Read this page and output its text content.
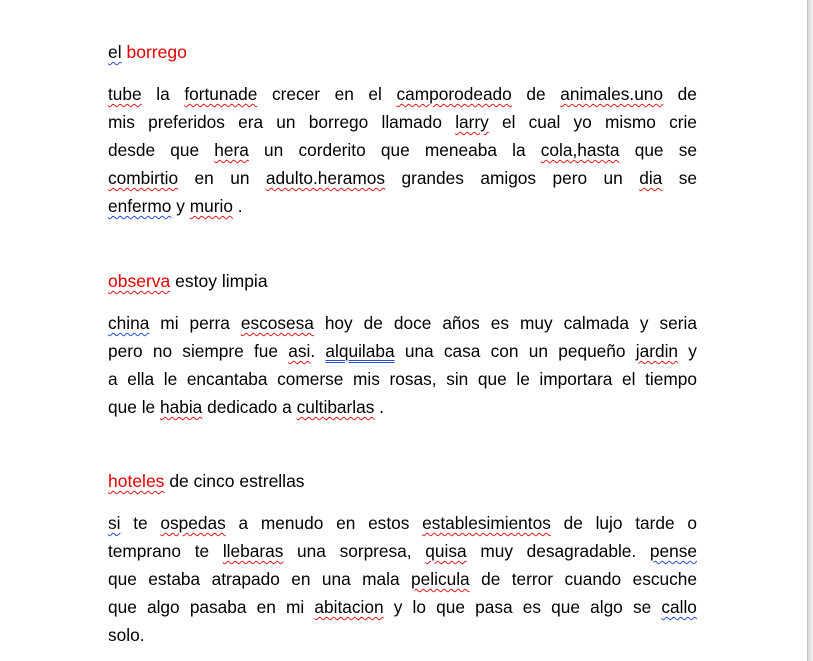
el borrego
tube la fortunade crecer en el camporodeado de animales.uno de
mis preferidos era un borrego llamado larry el cual yo mismo crie
desde que hera un corderito que meneaba la cola,hasta que se
combirtio en un adulto.heramos grandes amigos pero un dia se
enfermo y murio .
observa estoy limpia
china mi perra escosesa hoy de doce años es muy calmada y seria
pero no siempre fue asi. alquilaba una casa con un pequeño jardin y
a ella le encantaba comerse mis rosas, sin que le importara el tiempo
que le habia dedicado a cultibarlas .
hoteles de cinco estrellas
si te ospedas a menudo en estos establesimientos de lujo tarde o
temprano te llebaras una sorpresa, quisa muy desagradable. pense
que estaba atrapado en una mala pelicula de terror cuando escuche
que algo pasaba en mi abitacion y lo que pasa es que algo se callo
solo.
